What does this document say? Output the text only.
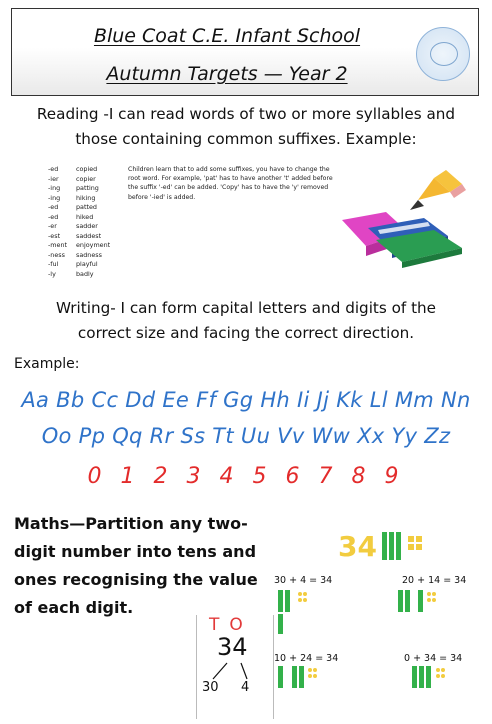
Blue Coat C.E. Infant School
Autumn Targets — Year 2
Reading -I can read words of two or more syllables and
those containing common suffixes. Example:
-ed	copied
-ier	copier
-ing	patting
-ing	hiking
-ed	patted
-ed	hiked
-er	sadder
-est	saddest
-ment	enjoyment
-ness	sadness
-ful	playful
-ly	badly
Children learn that to add some suffixes, you have to change the root word. For example, 'pat' has to have another 't' added before the suffix '-ed' can be added. 'Copy' has to have the 'y' removed before '-ied' is added.
Writing- I can form capital letters and digits of the
correct size and facing the correct direction.
Example:
Aa Bb Cc Dd Ee Ff Gg Hh Ii Jj Kk Ll Mm Nn
Oo Pp Qq Rr Ss Tt Uu Vv Ww Xx Yy Zz
0 1 2 3 4 5 6 7 8 9
Maths—Partition any two-digit number into tens and ones recognising the value of each digit.
34
30 + 4 = 34	20 + 14 = 34
10 + 24 = 34	0 + 34 = 34
TO
34
30 4
